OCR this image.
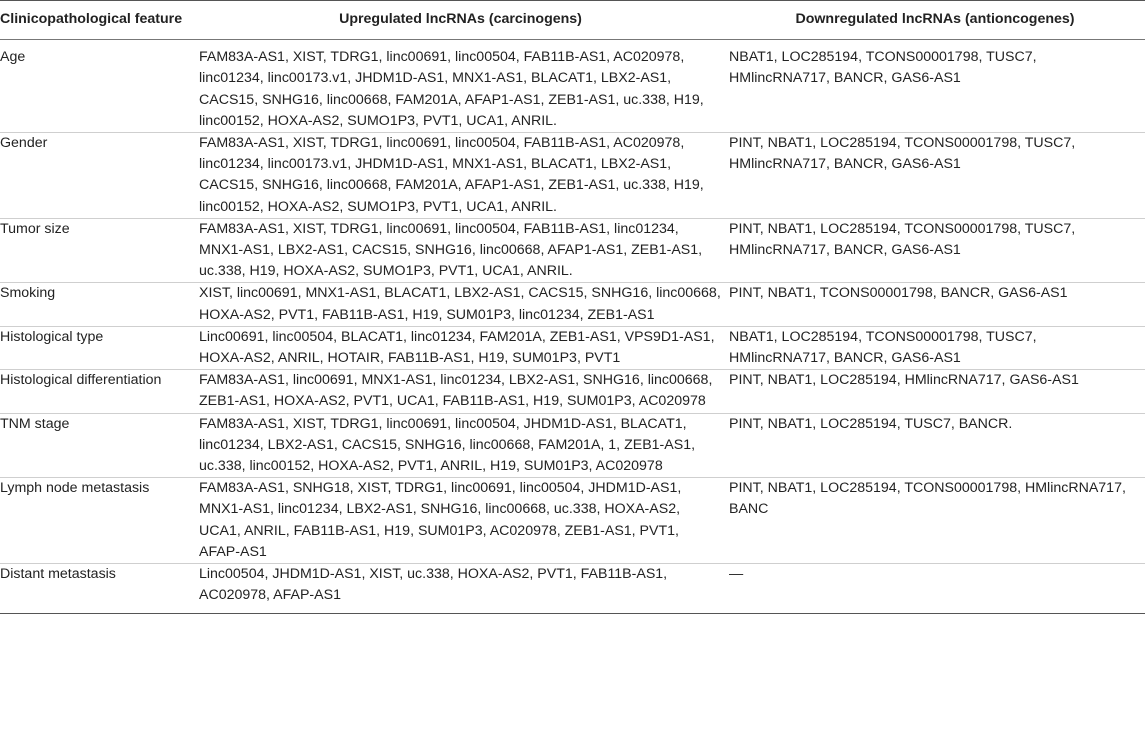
Clinicopathological feature	Upregulated lncRNAs (carcinogens)	Downregulated lncRNAs (antioncogenes)
Age	FAM83A-AS1, XIST, TDRG1, linc00691, linc00504, FAB11B-AS1, AC020978, linc01234, linc00173.v1, JHDM1D-AS1, MNX1-AS1, BLACAT1, LBX2-AS1, CACS15, SNHG16, linc00668, FAM201A, AFAP1-AS1, ZEB1-AS1, uc.338, H19, linc00152, HOXA-AS2, SUMO1P3, PVT1, UCA1, ANRIL.	NBAT1, LOC285194, TCONS00001798, TUSC7, HMlincRNA717, BANCR, GAS6-AS1
Gender	FAM83A-AS1, XIST, TDRG1, linc00691, linc00504, FAB11B-AS1, AC020978, linc01234, linc00173.v1, JHDM1D-AS1, MNX1-AS1, BLACAT1, LBX2-AS1, CACS15, SNHG16, linc00668, FAM201A, AFAP1-AS1, ZEB1-AS1, uc.338, H19, linc00152, HOXA-AS2, SUMO1P3, PVT1, UCA1, ANRIL.	PINT, NBAT1, LOC285194, TCONS00001798, TUSC7, HMlincRNA717, BANCR, GAS6-AS1
Tumor size	FAM83A-AS1, XIST, TDRG1, linc00691, linc00504, FAB11B-AS1, linc01234, MNX1-AS1, LBX2-AS1, CACS15, SNHG16, linc00668, AFAP1-AS1, ZEB1-AS1, uc.338, H19, HOXA-AS2, SUMO1P3, PVT1, UCA1, ANRIL.	PINT, NBAT1, LOC285194, TCONS00001798, TUSC7, HMlincRNA717, BANCR, GAS6-AS1
Smoking	XIST, linc00691, MNX1-AS1, BLACAT1, LBX2-AS1, CACS15, SNHG16, linc00668, HOXA-AS2, PVT1, FAB11B-AS1, H19, SUM01P3, linc01234, ZEB1-AS1	PINT, NBAT1, TCONS00001798, BANCR, GAS6-AS1
Histological type	Linc00691, linc00504, BLACAT1, linc01234, FAM201A, ZEB1-AS1, VPS9D1-AS1, HOXA-AS2, ANRIL, HOTAIR, FAB11B-AS1, H19, SUM01P3, PVT1	NBAT1, LOC285194, TCONS00001798, TUSC7, HMlincRNA717, BANCR, GAS6-AS1
Histological differentiation	FAM83A-AS1, linc00691, MNX1-AS1, linc01234, LBX2-AS1, SNHG16, linc00668, ZEB1-AS1, HOXA-AS2, PVT1, UCA1, FAB11B-AS1, H19, SUM01P3, AC020978	PINT, NBAT1, LOC285194, HMlincRNA717, GAS6-AS1
TNM stage	FAM83A-AS1, XIST, TDRG1, linc00691, linc00504, JHDM1D-AS1, BLACAT1, linc01234, LBX2-AS1, CACS15, SNHG16, linc00668, FAM201A, 1, ZEB1-AS1, uc.338, linc00152, HOXA-AS2, PVT1, ANRIL, H19, SUM01P3, AC020978	PINT, NBAT1, LOC285194, TUSC7, BANCR.
Lymph node metastasis	FAM83A-AS1, SNHG18, XIST, TDRG1, linc00691, linc00504, JHDM1D-AS1, MNX1-AS1, linc01234, LBX2-AS1, SNHG16, linc00668, uc.338, HOXA-AS2, UCA1, ANRIL, FAB11B-AS1, H19, SUM01P3, AC020978, ZEB1-AS1, PVT1, AFAP-AS1	PINT, NBAT1, LOC285194, TCONS00001798, HMlincRNA717, BANC
Distant metastasis	Linc00504, JHDM1D-AS1, XIST, uc.338, HOXA-AS2, PVT1, FAB11B-AS1, AC020978, AFAP-AS1	—
